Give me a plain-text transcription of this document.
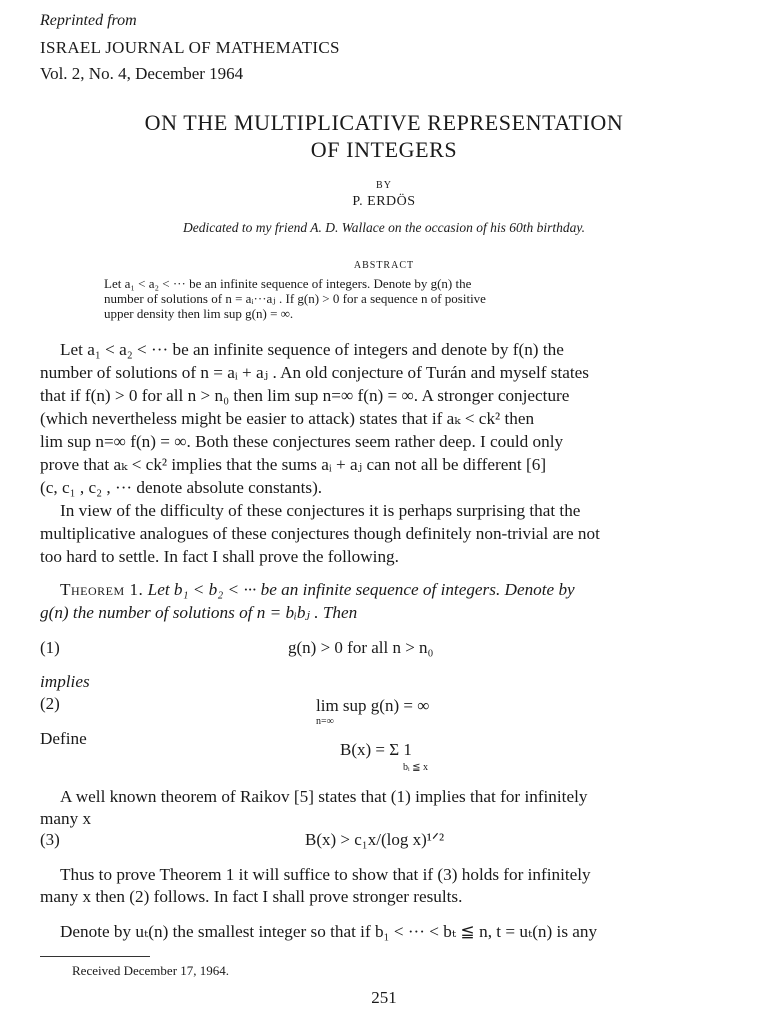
Reprinted from
ISRAEL JOURNAL OF MATHEMATICS
Vol. 2, No. 4, December 1964
ON THE MULTIPLICATIVE REPRESENTATION
OF INTEGERS
BY
P. ERDÖS
Dedicated to my friend A. D. Wallace on the occasion of his 60th birthday.
ABSTRACT
Let a₁ < a₂ < ··· be an infinite sequence of integers. Denote by g(n) the
number of solutions of n = aᵢ···aⱼ . If g(n) > 0 for a sequence n of positive
upper density then lim sup g(n) = ∞.
Let a₁ < a₂ < ··· be an infinite sequence of integers and denote by f(n) the
number of solutions of n = aᵢ + aⱼ . An old conjecture of Turán and myself states
that if f(n) > 0 for all n > n₀ then lim sup n=∞ f(n) = ∞. A stronger conjecture
(which nevertheless might be easier to attack) states that if aₖ < ck² then
lim sup n=∞ f(n) = ∞. Both these conjectures seem rather deep. I could only
prove that aₖ < ck² implies that the sums aᵢ + aⱼ can not all be different [6]
(c, c₁ , c₂ , ··· denote absolute constants).
In view of the difficulty of these conjectures it is perhaps surprising that the
multiplicative analogues of these conjectures though definitely non-trivial are not
too hard to settle. In fact I shall prove the following.
Theorem 1. Let b₁ < b₂ < ··· be an infinite sequence of integers. Denote by
g(n) the number of solutions of n = bᵢbⱼ . Then
(1)	g(n) > 0 for all n > n₀
implies
(2)	lim sup g(n) = ∞
n=∞
Define
B(x) = Σ 1
bᵢ ≦ x
A well known theorem of Raikov [5] states that (1) implies that for infinitely
many x
(3)	B(x) > c₁x/(log x)¹ᐟ²
Thus to prove Theorem 1 it will suffice to show that if (3) holds for infinitely
many x then (2) follows. In fact I shall prove stronger results.
Denote by uₜ(n) the smallest integer so that if b₁ < ··· < bₜ ≦ n, t = uₜ(n) is any
Received December 17, 1964.
251
